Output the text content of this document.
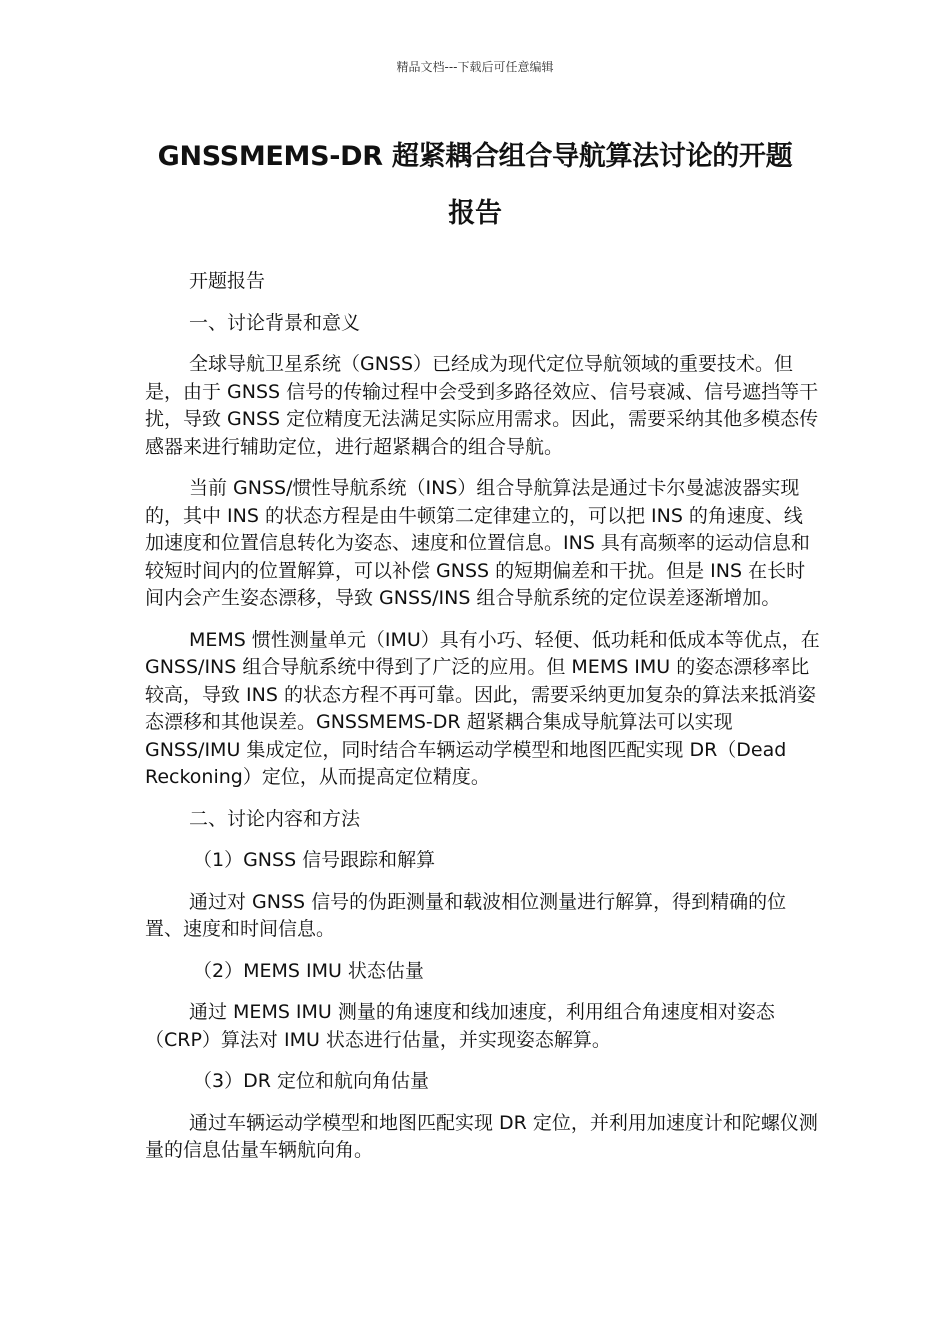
精品文档---下载后可任意编辑
GNSSMEMS-DR 超紧耦合组合导航算法讨论的开题
报告

开题报告

一、讨论背景和意义

全球导航卫星系统（GNSS）已经成为现代定位导航领域的重要技术。但是，由于 GNSS 信号的传输过程中会受到多路径效应、信号衰减、信号遮挡等干扰，导致 GNSS 定位精度无法满足实际应用需求。因此，需要采纳其他多模态传感器来进行辅助定位，进行超紧耦合的组合导航。

当前 GNSS/惯性导航系统（INS）组合导航算法是通过卡尔曼滤波器实现的，其中 INS 的状态方程是由牛顿第二定律建立的，可以把 INS 的角速度、线加速度和位置信息转化为姿态、速度和位置信息。INS 具有高频率的运动信息和较短时间内的位置解算，可以补偿 GNSS 的短期偏差和干扰。但是 INS 在长时间内会产生姿态漂移，导致 GNSS/INS 组合导航系统的定位误差逐渐增加。

MEMS 惯性测量单元（IMU）具有小巧、轻便、低功耗和低成本等优点，在 GNSS/INS 组合导航系统中得到了广泛的应用。但 MEMS IMU 的姿态漂移率比较高，导致 INS 的状态方程不再可靠。因此，需要采纳更加复杂的算法来抵消姿态漂移和其他误差。GNSSMEMS-DR 超紧耦合集成导航算法可以实现 GNSS/IMU 集成定位，同时结合车辆运动学模型和地图匹配实现 DR（Dead Reckoning）定位，从而提高定位精度。

二、讨论内容和方法

（1）GNSS 信号跟踪和解算

通过对 GNSS 信号的伪距测量和载波相位测量进行解算，得到精确的位置、速度和时间信息。

（2）MEMS IMU 状态估量

通过 MEMS IMU 测量的角速度和线加速度，利用组合角速度相对姿态（CRP）算法对 IMU 状态进行估量，并实现姿态解算。

（3）DR 定位和航向角估量

通过车辆运动学模型和地图匹配实现 DR 定位，并利用加速度计和陀螺仪测量的信息估量车辆航向角。
